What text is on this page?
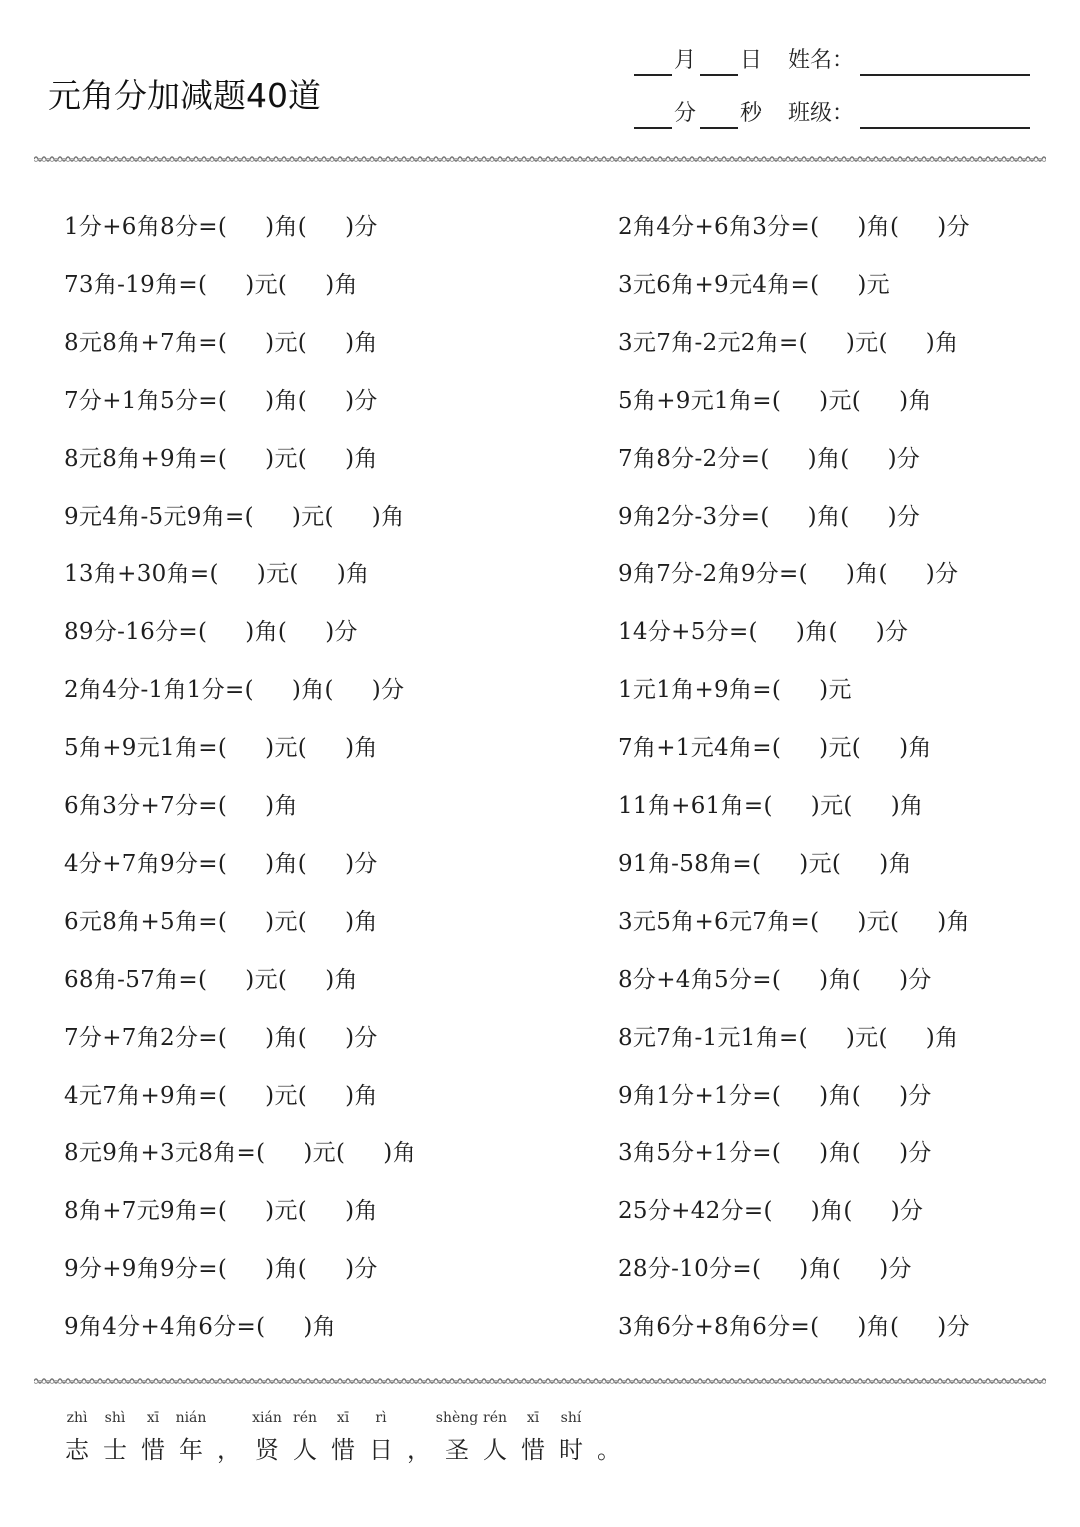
元角分加减题40道
月 日 姓名：
分 秒 班级：
1分+6角8分=(     )角(     )分
73角-19角=(     )元(     )角
8元8角+7角=(     )元(     )角
7分+1角5分=(     )角(     )分
8元8角+9角=(     )元(     )角
9元4角-5元9角=(     )元(     )角
13角+30角=(     )元(     )角
89分-16分=(     )角(     )分
2角4分-1角1分=(     )角(     )分
5角+9元1角=(     )元(     )角
6角3分+7分=(     )角
4分+7角9分=(     )角(     )分
6元8角+5角=(     )元(     )角
68角-57角=(     )元(     )角
7分+7角2分=(     )角(     )分
4元7角+9角=(     )元(     )角
8元9角+3元8角=(     )元(     )角
8角+7元9角=(     )元(     )角
9分+9角9分=(     )角(     )分
9角4分+4角6分=(     )角
2角4分+6角3分=(     )角(     )分
3元6角+9元4角=(     )元
3元7角-2元2角=(     )元(     )角
5角+9元1角=(     )元(     )角
7角8分-2分=(     )角(     )分
9角2分-3分=(     )角(     )分
9角7分-2角9分=(     )角(     )分
14分+5分=(     )角(     )分
1元1角+9角=(     )元
7角+1元4角=(     )元(     )角
11角+61角=(     )元(     )角
91角-58角=(     )元(     )角
3元5角+6元7角=(     )元(     )角
8分+4角5分=(     )角(     )分
8元7角-1元1角=(     )元(     )角
9角1分+1分=(     )角(     )分
3角5分+1分=(     )角(     )分
25分+42分=(     )角(     )分
28分-10分=(     )角(     )分
3角6分+8角6分=(     )角(     )分
zhì
志
shì
士
xī
惜
nián
年 ，
xián
贤
rén
人
xī
惜
rì
日 ，
shèng
圣
rén
人
xī
惜
shí
时 。
